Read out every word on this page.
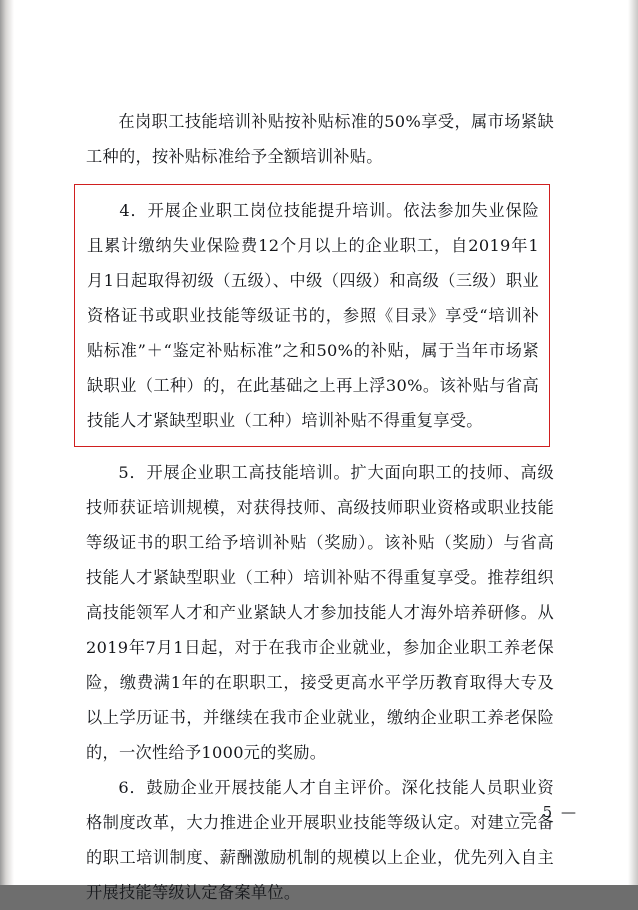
在岗职工技能培训补贴按补贴标准的50%享受，属市场紧缺工种的，按补贴标准给予全额培训补贴。

4．开展企业职工岗位技能提升培训。依法参加失业保险且累计缴纳失业保险费12个月以上的企业职工，自2019年1月1日起取得初级（五级）、中级（四级）和高级（三级）职业资格证书或职业技能等级证书的，参照《目录》享受“培训补贴标准”＋“鉴定补贴标准”之和50%的补贴，属于当年市场紧缺职业（工种）的，在此基础之上再上浮30%。该补贴与省高技能人才紧缺型职业（工种）培训补贴不得重复享受。

5．开展企业职工高技能培训。扩大面向职工的技师、高级技师获证培训规模，对获得技师、高级技师职业资格或职业技能等级证书的职工给予培训补贴（奖励）。该补贴（奖励）与省高技能人才紧缺型职业（工种）培训补贴不得重复享受。推荐组织高技能领军人才和产业紧缺人才参加技能人才海外培养研修。从2019年7月1日起，对于在我市企业就业，参加企业职工养老保险，缴费满1年的在职职工，接受更高水平学历教育取得大专及以上学历证书，并继续在我市企业就业，缴纳企业职工养老保险的，一次性给予1000元的奖励。

6．鼓励企业开展技能人才自主评价。深化技能人员职业资格制度改革，大力推进企业开展职业技能等级认定。对建立完备的职工培训制度、薪酬激励机制的规模以上企业，优先列入自主开展技能等级认定备案单位。

— 5 —
